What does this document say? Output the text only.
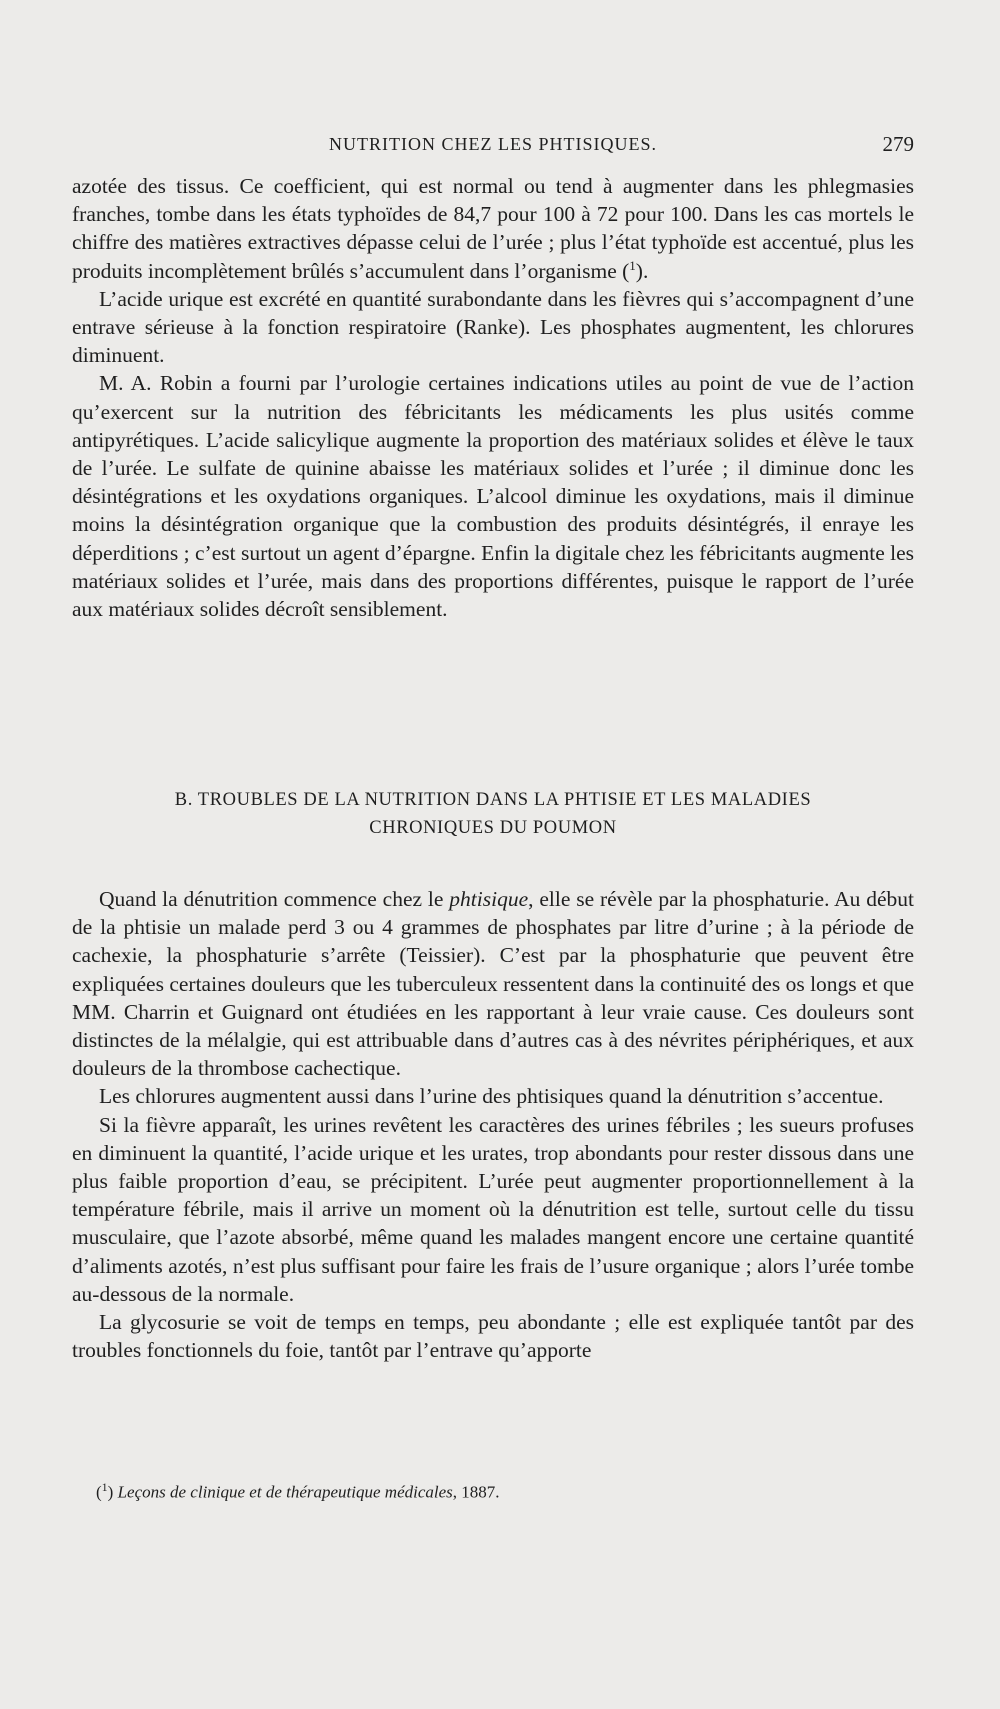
NUTRITION CHEZ LES PHTISIQUES.	279

azotée des tissus. Ce coefficient, qui est normal ou tend à augmenter dans les phlegmasies franches, tombe dans les états typhoïdes de 84,7 pour 100 à 72 pour 100. Dans les cas mortels le chiffre des matières extractives dépasse celui de l’urée ; plus l’état typhoïde est accentué, plus les produits incomplètement brûlés s’accumulent dans l’organisme ($^1$).

L’acide urique est excrété en quantité surabondante dans les fièvres qui s’accompagnent d’une entrave sérieuse à la fonction respiratoire (Ranke). Les phosphates augmentent, les chlorures diminuent.

M. A. Robin a fourni par l’urologie certaines indications utiles au point de vue de l’action qu’exercent sur la nutrition des fébricitants les médicaments les plus usités comme antipyrétiques. L’acide salicylique augmente la proportion des matériaux solides et élève le taux de l’urée. Le sulfate de quinine abaisse les matériaux solides et l’urée ; il diminue donc les désintégrations et les oxydations organiques. L’alcool diminue les oxydations, mais il diminue moins la désintégration organique que la combustion des produits désintégrés, il enraye les déperditions ; c’est surtout un agent d’épargne. Enfin la digitale chez les fébricitants augmente les matériaux solides et l’urée, mais dans des proportions différentes, puisque le rapport de l’urée aux matériaux solides décroît sensiblement.

B. TROUBLES DE LA NUTRITION DANS LA PHTISIE ET LES MALADIES
CHRONIQUES DU POUMON

Quand la dénutrition commence chez le phtisique, elle se révèle par la phosphaturie. Au début de la phtisie un malade perd 3 ou 4 grammes de phosphates par litre d’urine ; à la période de cachexie, la phosphaturie s’arrête (Teissier). C’est par la phosphaturie que peuvent être expliquées certaines douleurs que les tuberculeux ressentent dans la continuité des os longs et que MM. Charrin et Guignard ont étudiées en les rapportant à leur vraie cause. Ces douleurs sont distinctes de la mélalgie, qui est attribuable dans d’autres cas à des névrites périphériques, et aux douleurs de la thrombose cachectique.

Les chlorures augmentent aussi dans l’urine des phtisiques quand la dénutrition s’accentue.

Si la fièvre apparaît, les urines revêtent les caractères des urines fébriles ; les sueurs profuses en diminuent la quantité, l’acide urique et les urates, trop abondants pour rester dissous dans une plus faible proportion d’eau, se précipitent. L’urée peut augmenter proportionnellement à la température fébrile, mais il arrive un moment où la dénutrition est telle, surtout celle du tissu musculaire, que l’azote absorbé, même quand les malades mangent encore une certaine quantité d’aliments azotés, n’est plus suffisant pour faire les frais de l’usure organique ; alors l’urée tombe au-dessous de la normale.

La glycosurie se voit de temps en temps, peu abondante ; elle est expliquée tantôt par des troubles fonctionnels du foie, tantôt par l’entrave qu’apporte

($^1$) Leçons de clinique et de thérapeutique médicales, 1887.
